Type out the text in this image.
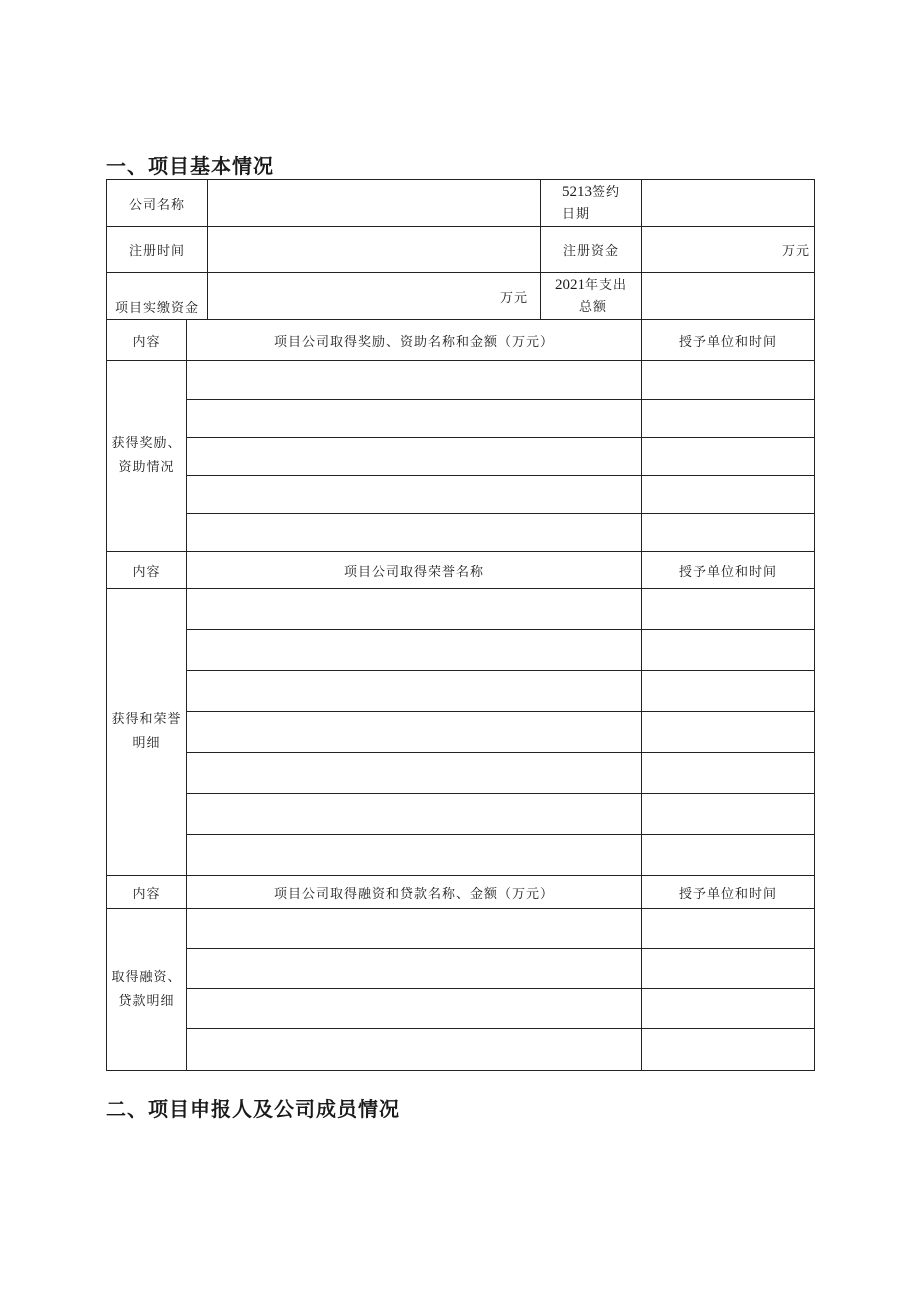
一、项目基本情况
公司名称			5213签约
日期	
注册时间			注册资金	万元
项目实缴资金		万元	2021年支出
总额	
内容	项目公司取得奖励、资助名称和金额（万元）			授予单位和时间
获得奖励、
资助情况				

内容	项目公司取得荣誉名称			授予单位和时间
获得和荣誉
明细				

内容	项目公司取得融资和贷款名称、金额（万元）			授予单位和时间
取得融资、
贷款明细				

二、项目申报人及公司成员情况
